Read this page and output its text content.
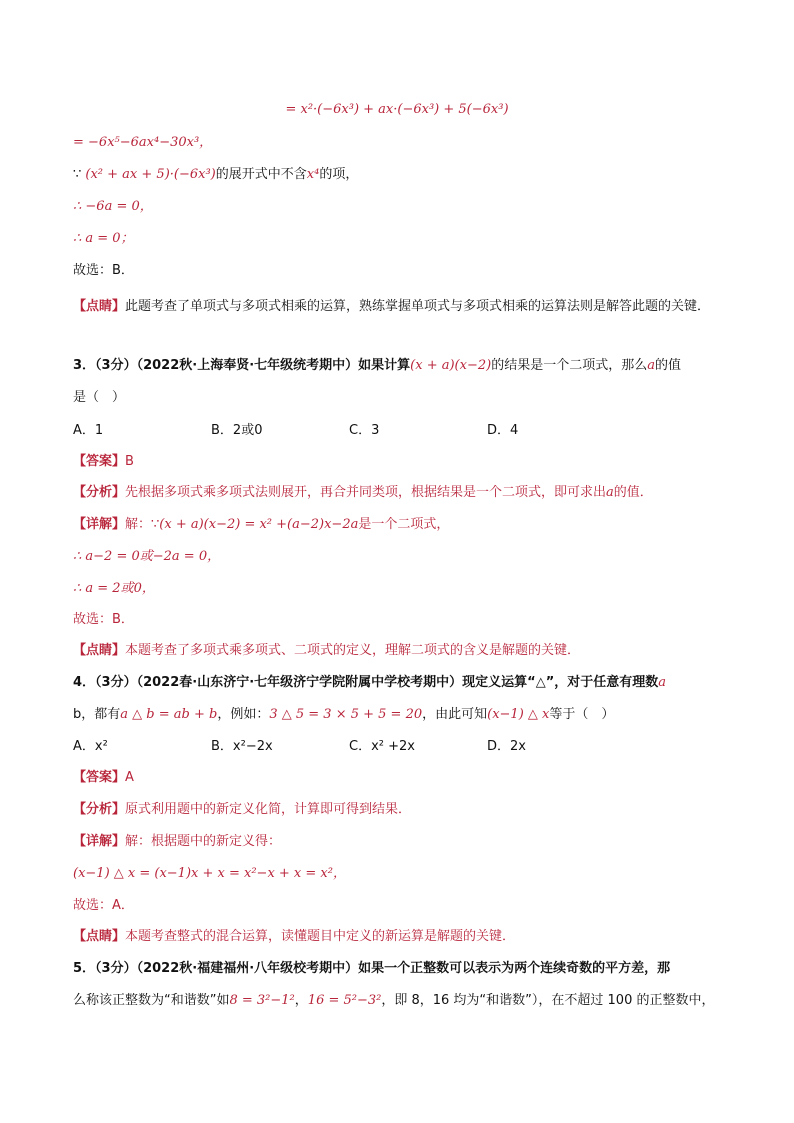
= x²·(−6x³) + ax·(−6x³) + 5(−6x³)
= −6x⁵−6ax⁴−30x³，
∵ (x² + ax + 5)·(−6x³)的展开式中不含x⁴的项，
∴ −6a = 0，
∴ a = 0；
故选：B．
【点睛】此题考查了单项式与多项式相乘的运算，熟练掌握单项式与多项式相乘的运算法则是解答此题的关键．
3．（3分）（2022秋·上海奉贤·七年级统考期中）如果计算(x + a)(x−2)的结果是一个二项式，那么a的值
是（　）
A．1	B．2或0	C．3	D．4
【答案】B
【分析】先根据多项式乘多项式法则展开，再合并同类项，根据结果是一个二项式，即可求出a的值．
【详解】解：∵(x + a)(x−2) = x² +(a−2)x−2a是一个二项式，
∴ a−2 = 0或−2a = 0，
∴ a = 2或0，
故选：B．
【点睛】本题考查了多项式乘多项式、二项式的定义，理解二项式的含义是解题的关键．
4．（3分）（2022春·山东济宁·七年级济宁学院附属中学校考期中）现定义运算“△”，对于任意有理数a
b，都有a △ b = ab + b，例如：3 △ 5 = 3 × 5 + 5 = 20，由此可知(x−1) △ x等于（　）
A．x²	B．x²−2x	C．x² +2x	D．2x
【答案】A
【分析】原式利用题中的新定义化简，计算即可得到结果．
【详解】解：根据题中的新定义得：
(x−1) △ x = (x−1)x + x = x²−x + x = x²，
故选：A．
【点睛】本题考查整式的混合运算，读懂题目中定义的新运算是解题的关键．
5．（3分）（2022秋·福建福州·八年级校考期中）如果一个正整数可以表示为两个连续奇数的平方差，那
么称该正整数为“和谐数”如8 = 3²−1²，16 = 5²−3²，即 8，16 均为“和谐数”），在不超过 100 的正整数中，
